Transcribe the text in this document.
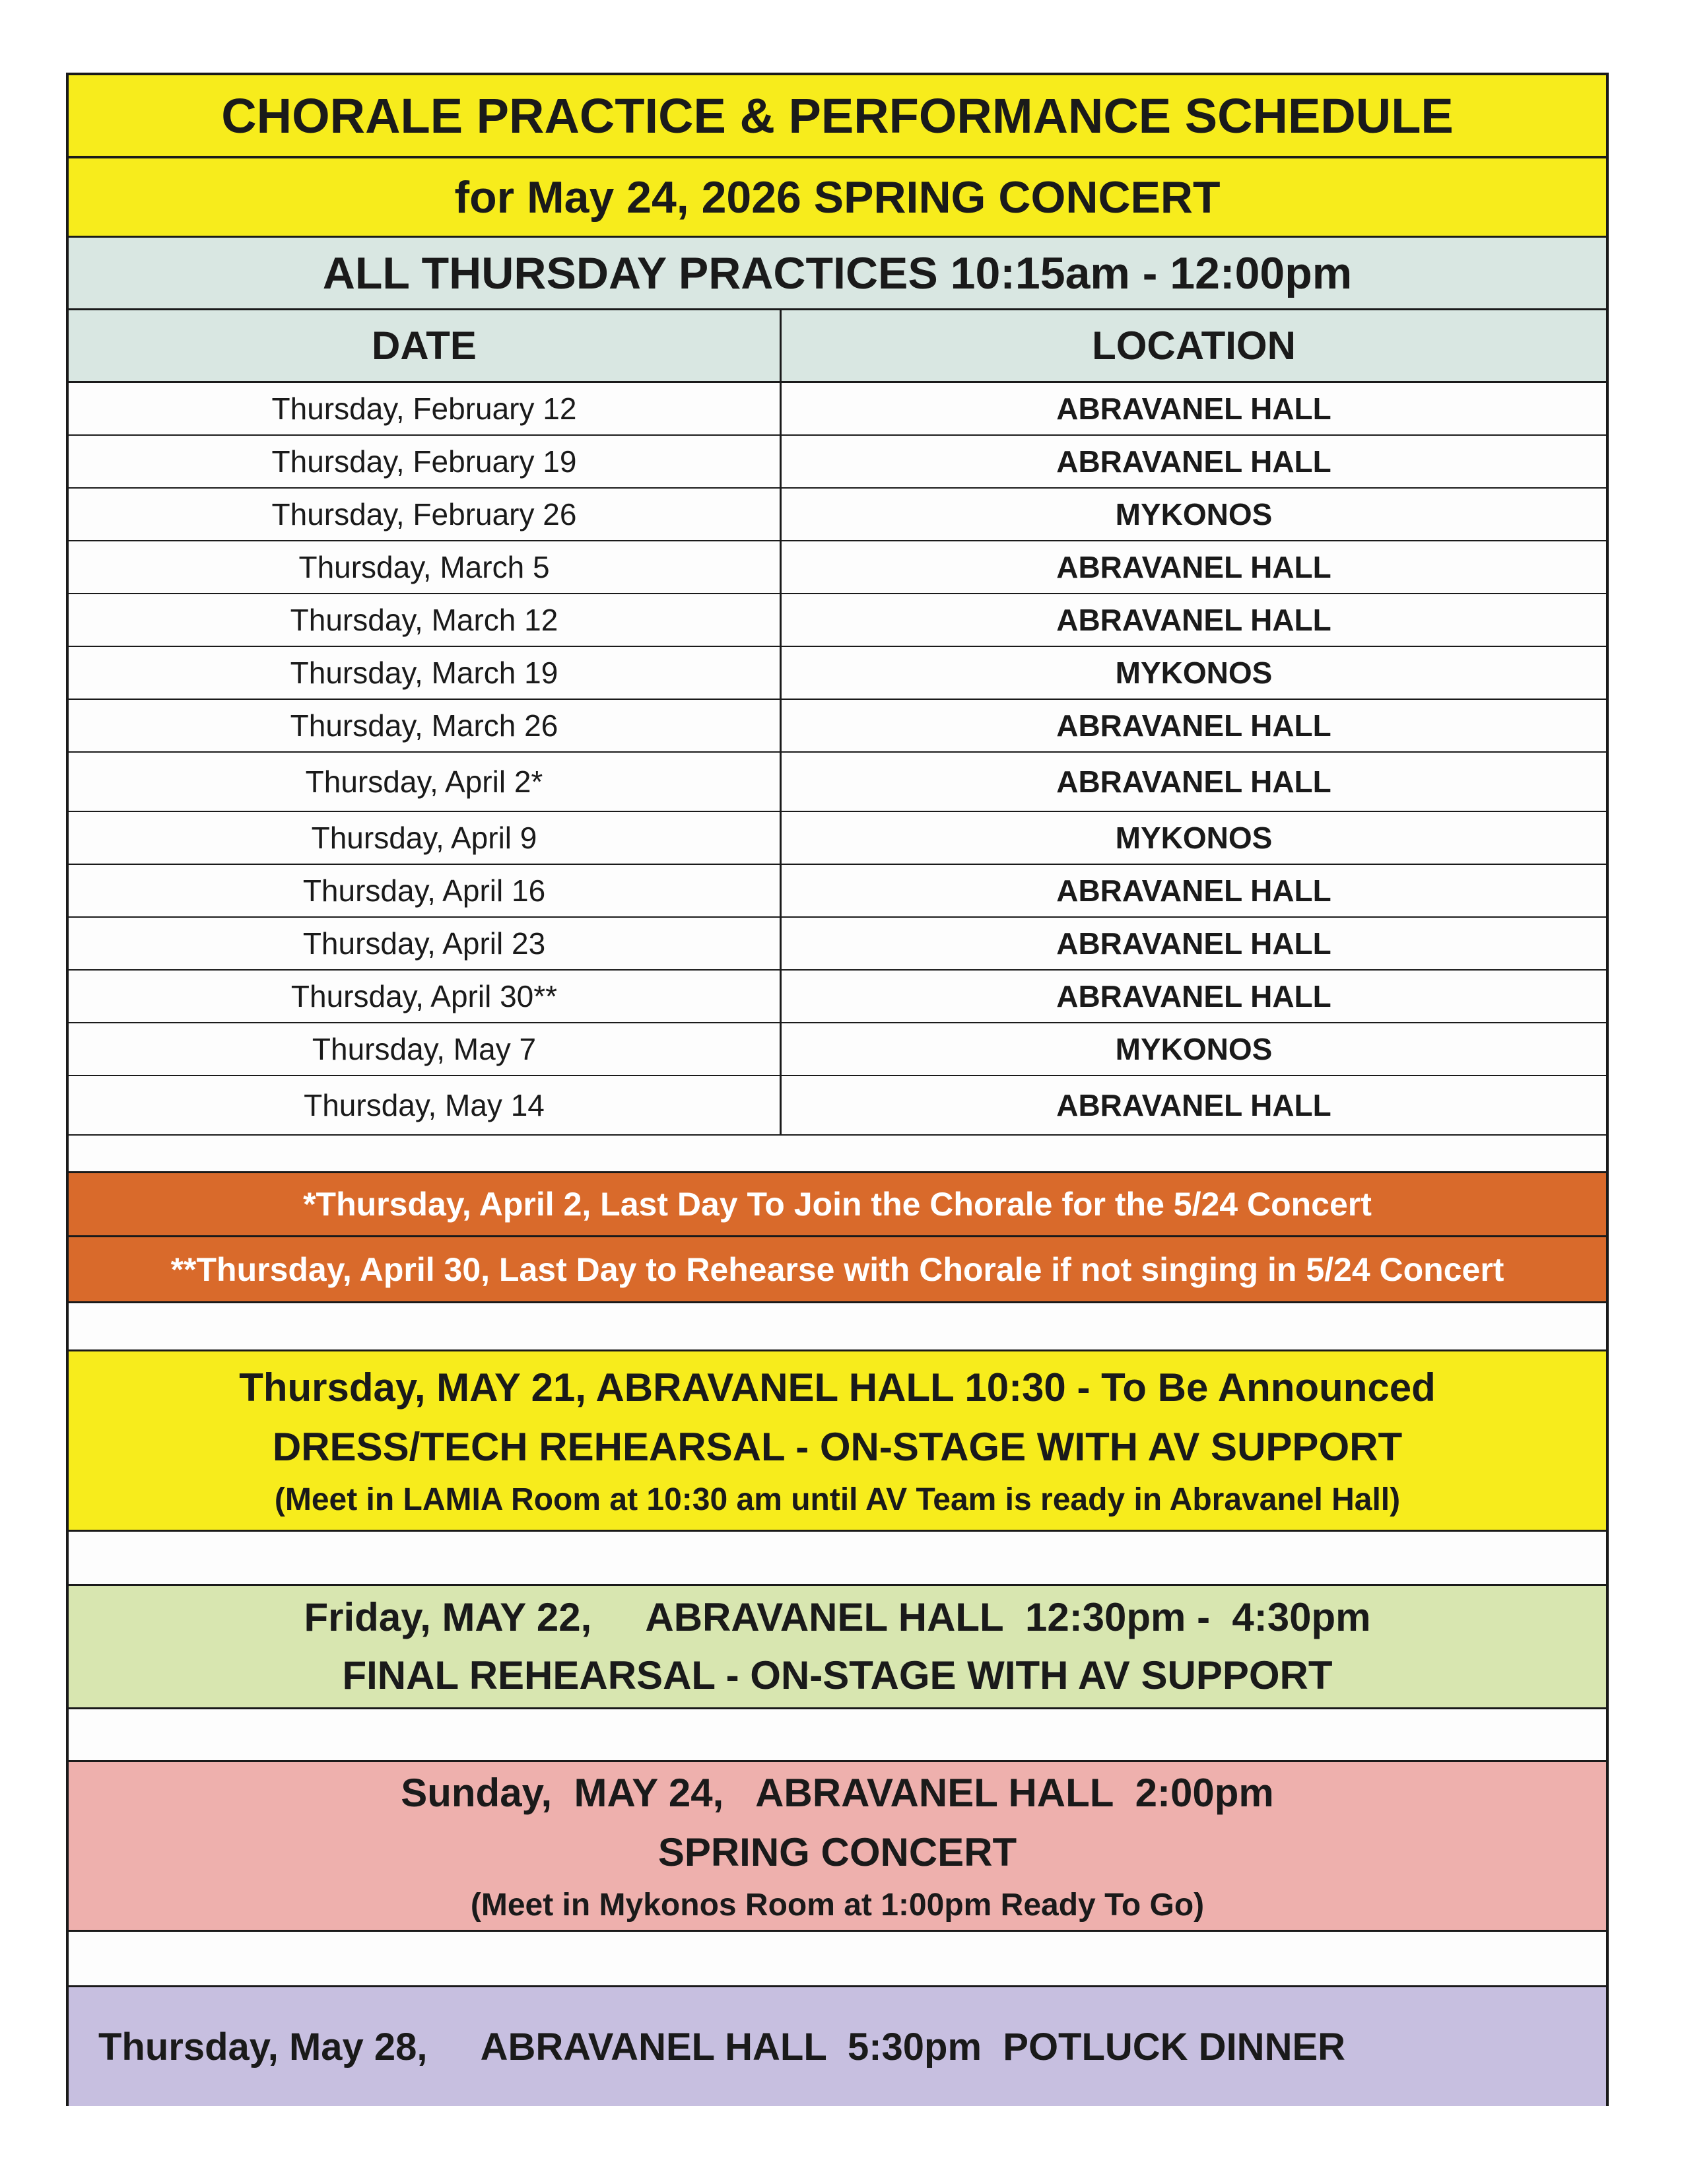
CHORALE PRACTICE & PERFORMANCE SCHEDULE
for May 24, 2026 SPRING CONCERT
ALL THURSDAY PRACTICES 10:15am - 12:00pm
DATE	LOCATION
Thursday, February 12	ABRAVANEL HALL
Thursday, February 19	ABRAVANEL HALL
Thursday, February 26	MYKONOS
Thursday, March 5	ABRAVANEL HALL
Thursday, March 12	ABRAVANEL HALL
Thursday, March 19	MYKONOS
Thursday, March 26	ABRAVANEL HALL
Thursday, April 2*	ABRAVANEL HALL
Thursday, April 9	MYKONOS
Thursday, April 16	ABRAVANEL HALL
Thursday, April 23	ABRAVANEL HALL
Thursday, April 30**	ABRAVANEL HALL
Thursday, May 7	MYKONOS
Thursday, May 14	ABRAVANEL HALL
*Thursday, April 2, Last Day To Join the Chorale for the 5/24 Concert
**Thursday, April 30, Last Day to Rehearse with Chorale if not singing in 5/24 Concert
Thursday, MAY 21, ABRAVANEL HALL 10:30 - To Be Announced
DRESS/TECH REHEARSAL - ON-STAGE WITH AV SUPPORT
(Meet in LAMIA Room at 10:30 am until AV Team is ready in Abravanel Hall)
Friday, MAY 22,     ABRAVANEL HALL  12:30pm -  4:30pm
FINAL REHEARSAL - ON-STAGE WITH AV SUPPORT
Sunday,  MAY 24,   ABRAVANEL HALL  2:00pm
SPRING CONCERT
(Meet in Mykonos Room at 1:00pm Ready To Go)
Thursday, May 28, ABRAVANEL HALL  5:30pm  POTLUCK DINNER
